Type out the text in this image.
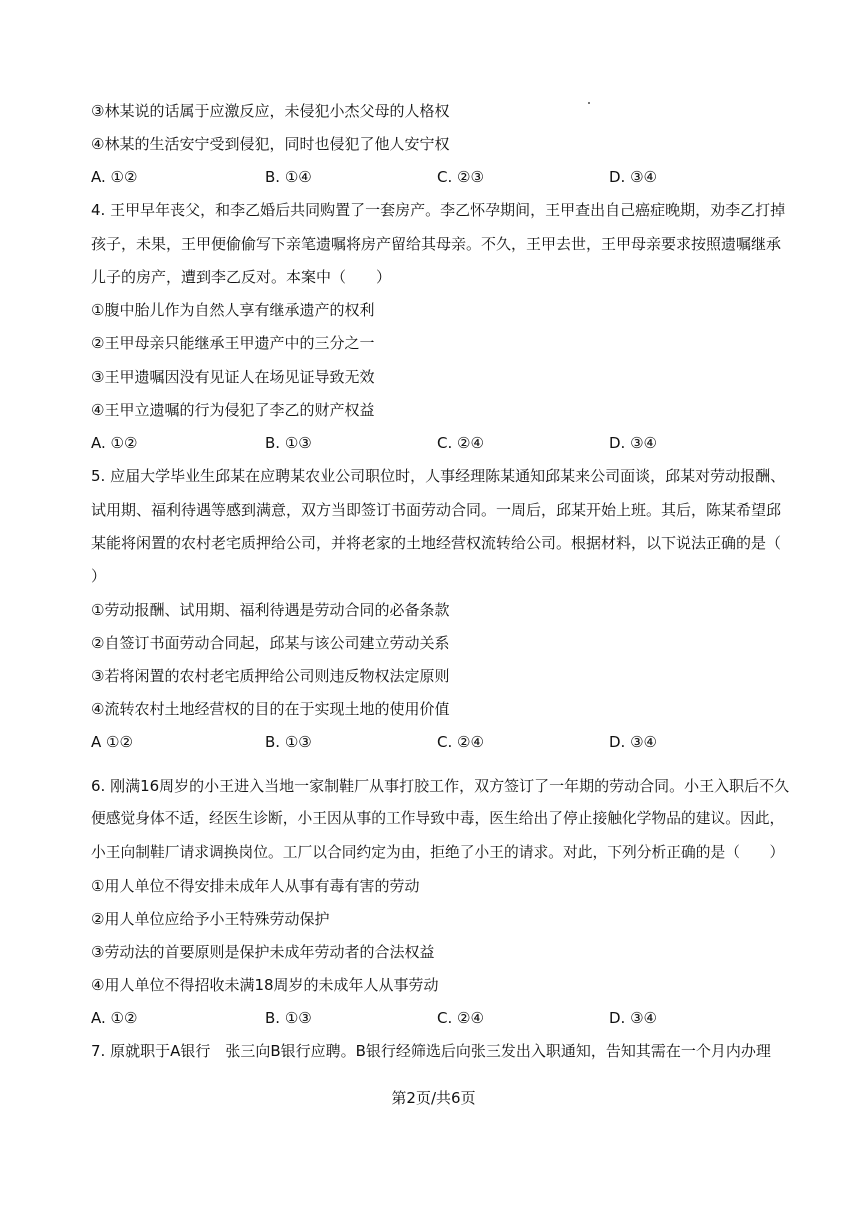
③林某说的话属于应激反应，未侵犯小杰父母的人格权
④林某的生活安宁受到侵犯，同时也侵犯了他人安宁权
A. ①②	B. ①④	C. ②③	D. ③④
4. 王甲早年丧父，和李乙婚后共同购置了一套房产。李乙怀孕期间，王甲查出自己癌症晚期，劝李乙打掉
孩子，未果，王甲便偷偷写下亲笔遗嘱将房产留给其母亲。不久，王甲去世，王甲母亲要求按照遗嘱继承
儿子的房产，遭到李乙反对。本案中（　　）
①腹中胎儿作为自然人享有继承遗产的权利
②王甲母亲只能继承王甲遗产中的三分之一
③王甲遗嘱因没有见证人在场见证导致无效
④王甲立遗嘱的行为侵犯了李乙的财产权益
A. ①②	B. ①③	C. ②④	D. ③④
5. 应届大学毕业生邱某在应聘某农业公司职位时，人事经理陈某通知邱某来公司面谈，邱某对劳动报酬、
试用期、福利待遇等感到满意，双方当即签订书面劳动合同。一周后，邱某开始上班。其后，陈某希望邱
某能将闲置的农村老宅质押给公司，并将老家的土地经营权流转给公司。根据材料，以下说法正确的是（
）
①劳动报酬、试用期、福利待遇是劳动合同的必备条款
②自签订书面劳动合同起，邱某与该公司建立劳动关系
③若将闲置的农村老宅质押给公司则违反物权法定原则
④流转农村土地经营权的目的在于实现土地的使用价值
A ①②	B. ①③	C. ②④	D. ③④
6. 刚满16周岁的小王进入当地一家制鞋厂从事打胶工作，双方签订了一年期的劳动合同。小王入职后不久
便感觉身体不适，经医生诊断，小王因从事的工作导致中毒，医生给出了停止接触化学物品的建议。因此，
小王向制鞋厂请求调换岗位。工厂以合同约定为由，拒绝了小王的请求。对此，下列分析正确的是（　　）
①用人单位不得安排未成年人从事有毒有害的劳动
②用人单位应给予小王特殊劳动保护
③劳动法的首要原则是保护未成年劳动者的合法权益
④用人单位不得招收未满18周岁的未成年人从事劳动
A. ①②	B. ①③	C. ②④	D. ③④
7. 原就职于A银行　张三向B银行应聘。B银行经筛选后向张三发出入职通知，告知其需在一个月内办理
第2页/共6页
